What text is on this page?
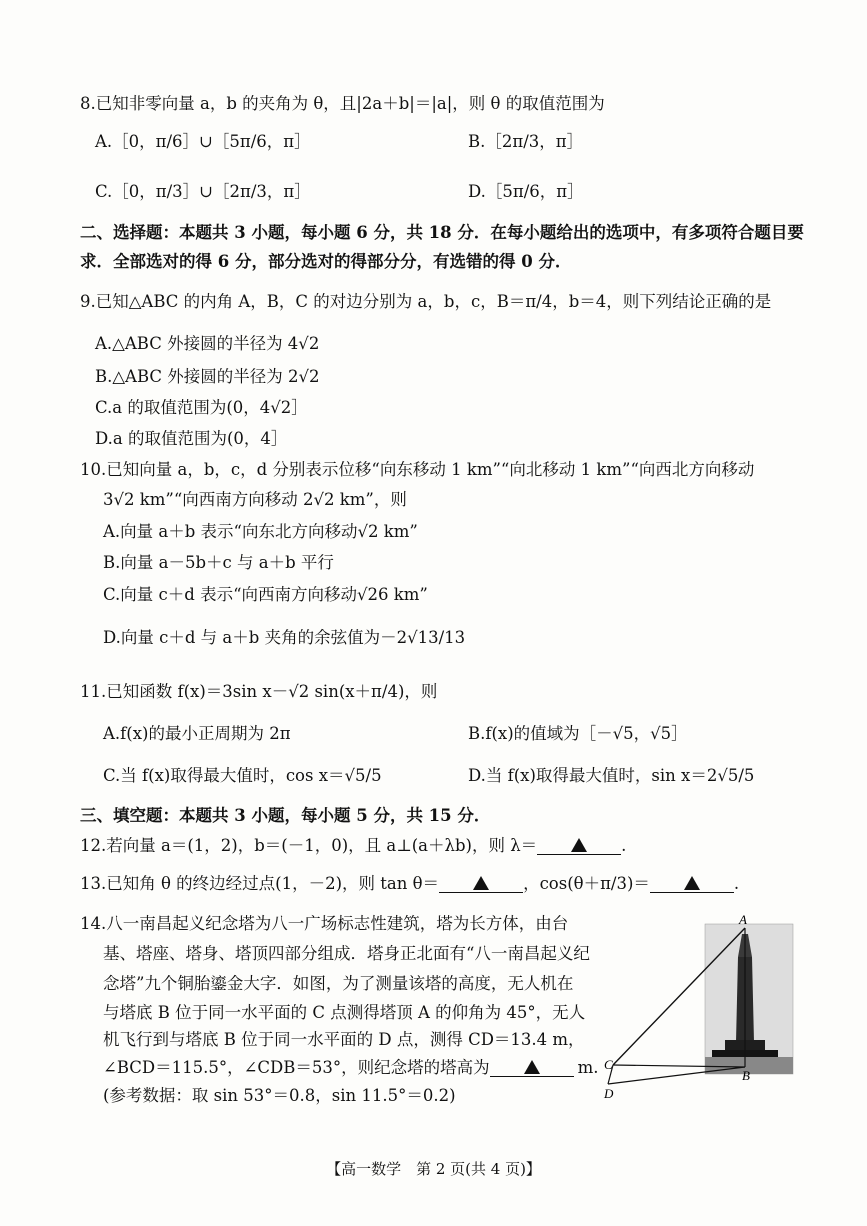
8.已知非零向量 a，b 的夹角为 θ，且|2a＋b|＝|a|，则 θ 的取值范围为
A.［0，π/6］∪［5π/6，π］	B.［2π/3，π］
C.［0，π/3］∪［2π/3，π］	D.［5π/6，π］
二、选择题：本题共 3 小题，每小题 6 分，共 18 分．在每小题给出的选项中，有多项符合题目要
求．全部选对的得 6 分，部分选对的得部分分，有选错的得 0 分．
9.已知△ABC 的内角 A，B，C 的对边分别为 a，b，c，B＝π/4，b＝4，则下列结论正确的是
A.△ABC 外接圆的半径为 4√2
B.△ABC 外接圆的半径为 2√2
C.a 的取值范围为(0，4√2］
D.a 的取值范围为(0，4］
10.已知向量 a，b，c，d 分别表示位移“向东移动 1 km”“向北移动 1 km”“向西北方向移动
3√2 km”“向西南方向移动 2√2 km”，则
A.向量 a＋b 表示“向东北方向移动√2 km”
B.向量 a－5b＋c 与 a＋b 平行
C.向量 c＋d 表示“向西南方向移动√26 km”
D.向量 c＋d 与 a＋b 夹角的余弦值为－2√13/13
11.已知函数 f(x)＝3sin x－√2 sin(x＋π/4)，则
A.f(x)的最小正周期为 2π	B.f(x)的值域为［－√5，√5］
C.当 f(x)取得最大值时，cos x＝√5/5	D.当 f(x)取得最大值时，sin x＝2√5/5
三、填空题：本题共 3 小题，每小题 5 分，共 15 分．
12.若向量 a＝(1，2)，b＝(－1，0)，且 a⊥(a＋λb)，则 λ＝	.
13.已知角 θ 的终边经过点(1，－2)，则 tan θ＝	，cos(θ＋π/3)＝	.
14.八一南昌起义纪念塔为八一广场标志性建筑，塔为长方体，由台
基、塔座、塔身、塔顶四部分组成．塔身正北面有“八一南昌起义纪
念塔”九个铜胎鎏金大字．如图，为了测量该塔的高度，无人机在
与塔底 B 位于同一水平面的 C 点测得塔顶 A 的仰角为 45°，无人
机飞行到与塔底 B 位于同一水平面的 D 点，测得 CD＝13.4 m，
∠BCD＝115.5°，∠CDB＝53°，则纪念塔的塔高为	m.
(参考数据：取 sin 53°＝0.8，sin 11.5°＝0.2)
A
B
C
D
【高一数学　第 2 页(共 4 页)】
